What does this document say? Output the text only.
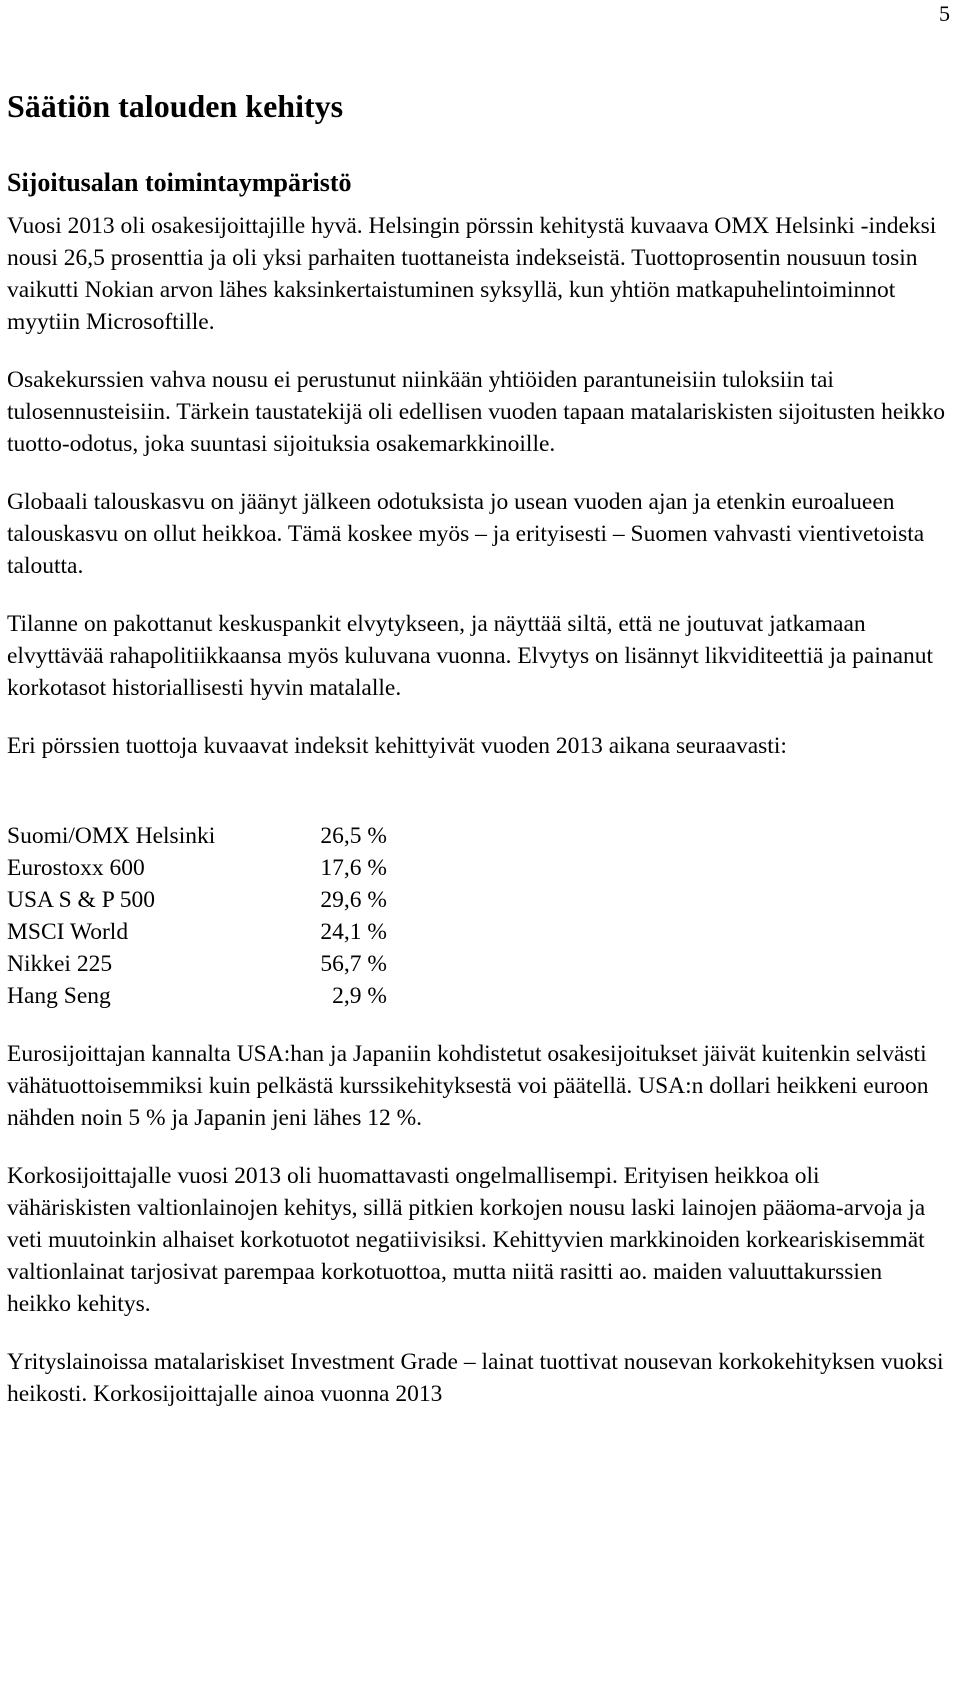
5
Säätiön talouden kehitys
Sijoitusalan toimintaympäristö

Vuosi 2013 oli osakesijoittajille hyvä. Helsingin pörssin kehitystä kuvaava OMX Helsinki -indeksi nousi 26,5 prosenttia ja oli yksi parhaiten tuottaneista indekseistä. Tuottoprosentin nousuun tosin vaikutti Nokian arvon lähes kaksinkertaistuminen syksyllä, kun yhtiön matkapuhelintoiminnot myytiin Microsoftille.

Osakekurssien vahva nousu ei perustunut niinkään yhtiöiden parantuneisiin tuloksiin tai tulosennusteisiin. Tärkein taustatekijä oli edellisen vuoden tapaan matalariskisten sijoitusten heikko tuotto-odotus, joka suuntasi sijoituksia osakemarkkinoille.

Globaali talouskasvu on jäänyt jälkeen odotuksista jo usean vuoden ajan ja etenkin euroalueen talouskasvu on ollut heikkoa. Tämä koskee myös – ja erityisesti – Suomen vahvasti vientivetoista taloutta.

Tilanne on pakottanut keskuspankit elvytykseen, ja näyttää siltä, että ne joutuvat jatkamaan elvyttävää rahapolitiikkaansa myös kuluvana vuonna. Elvytys on lisännyt likviditeettiä ja painanut korkotasot historiallisesti hyvin matalalle.

Eri pörssien tuottoja kuvaavat indeksit kehittyivät vuoden 2013 aikana seuraavasti:

Suomi/OMX Helsinki	26,5 %
Eurostoxx 600	17,6 %
USA S & P 500	29,6 %
MSCI World	24,1 %
Nikkei 225	56,7 %
Hang Seng	2,9 %

Eurosijoittajan kannalta USA:han ja Japaniin kohdistetut osakesijoitukset jäivät kuitenkin selvästi vähätuottoisemmiksi kuin pelkästä kurssikehityksestä voi päätellä. USA:n dollari heikkeni euroon nähden noin 5 % ja Japanin jeni lähes 12 %.

Korkosijoittajalle vuosi 2013 oli huomattavasti ongelmallisempi. Erityisen heikkoa oli vähäriskisten valtionlainojen kehitys, sillä pitkien korkojen nousu laski lainojen pääoma-arvoja ja veti muutoinkin alhaiset korkotuotot negatiivisiksi. Kehittyvien markkinoiden korkeariskisemmät valtionlainat tarjosivat parempaa korkotuottoa, mutta niitä rasitti ao. maiden valuuttakurssien heikko kehitys.

Yrityslainoissa matalariskiset Investment Grade – lainat tuottivat nousevan korkokehityksen vuoksi heikosti. Korkosijoittajalle ainoa vuonna 2013
